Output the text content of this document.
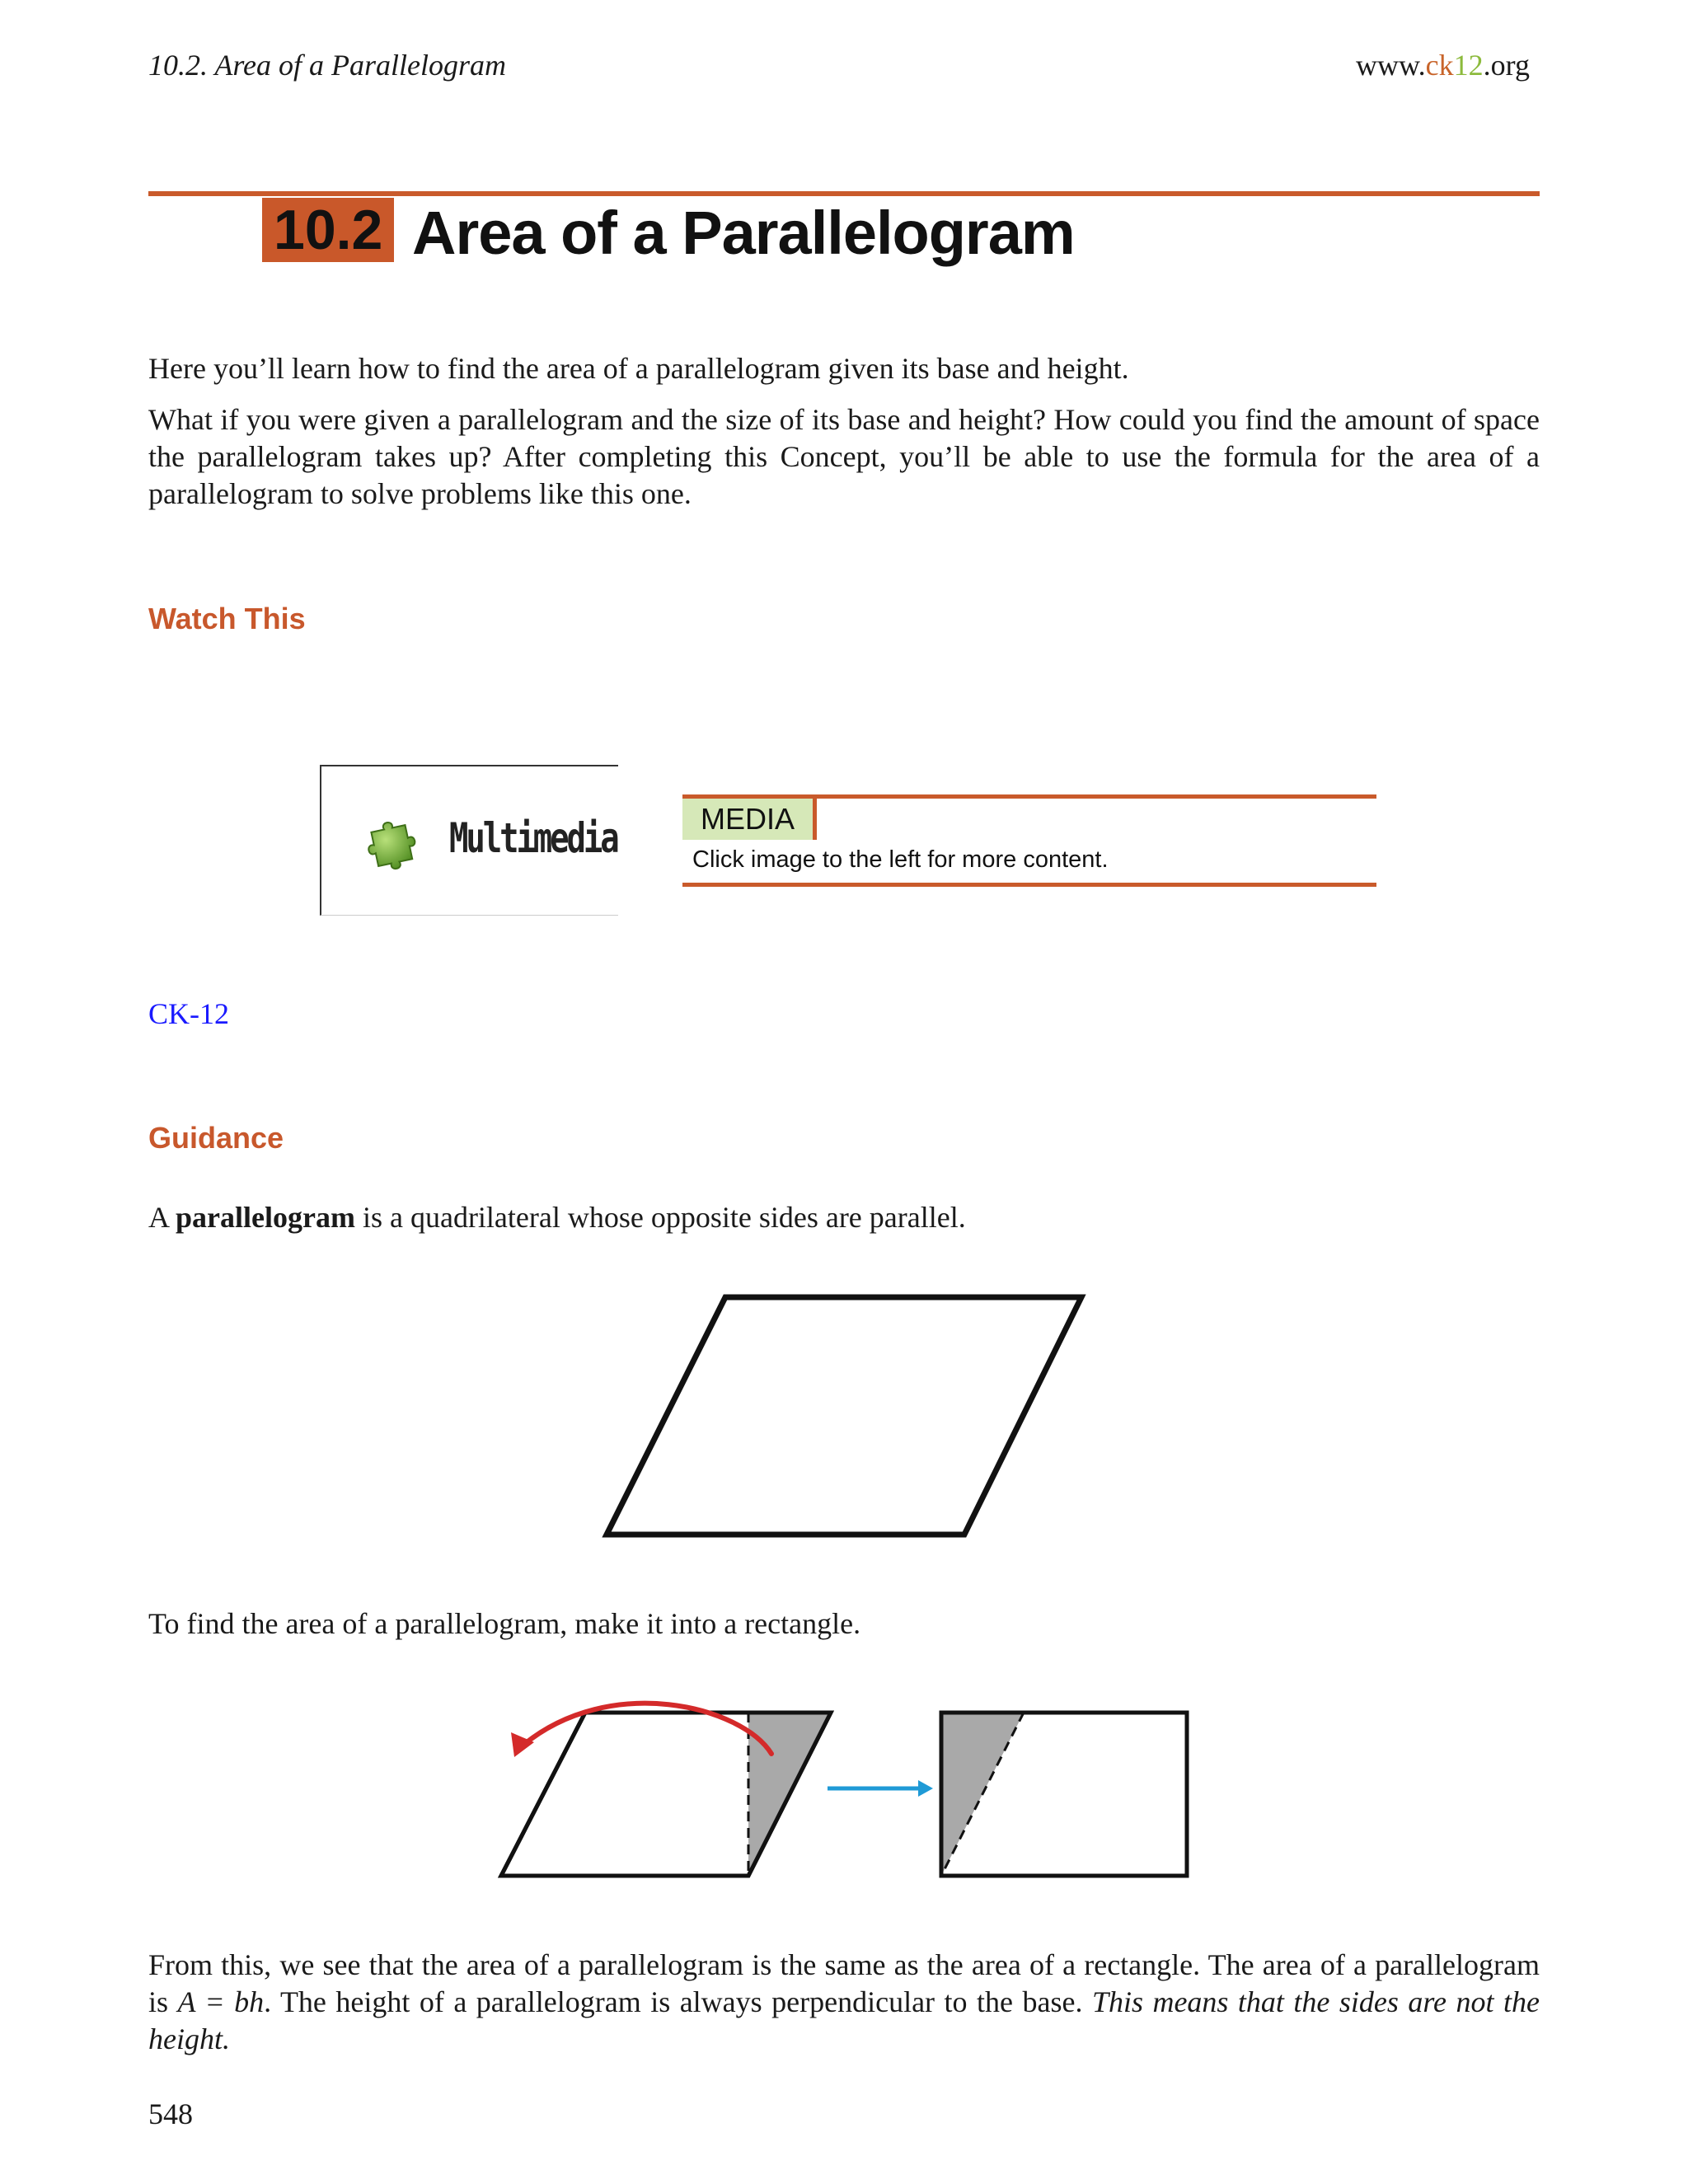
10.2. Area of a Parallelogram	www.ck12.org
10.2 Area of a Parallelogram
Here you’ll learn how to find the area of a parallelogram given its base and height.
What if you were given a parallelogram and the size of its base and height? How could you find the amount of space the parallelogram takes up? After completing this Concept, you’ll be able to use the formula for the area of a parallelogram to solve problems like this one.
Watch This
Multimedia	MEDIA
Click image to the left for more content.
CK-12
Guidance
A parallelogram is a quadrilateral whose opposite sides are parallel.
To find the area of a parallelogram, make it into a rectangle.
From this, we see that the area of a parallelogram is the same as the area of a rectangle. The area of a parallelogram is A = bh. The height of a parallelogram is always perpendicular to the base. This means that the sides are not the height.
548
